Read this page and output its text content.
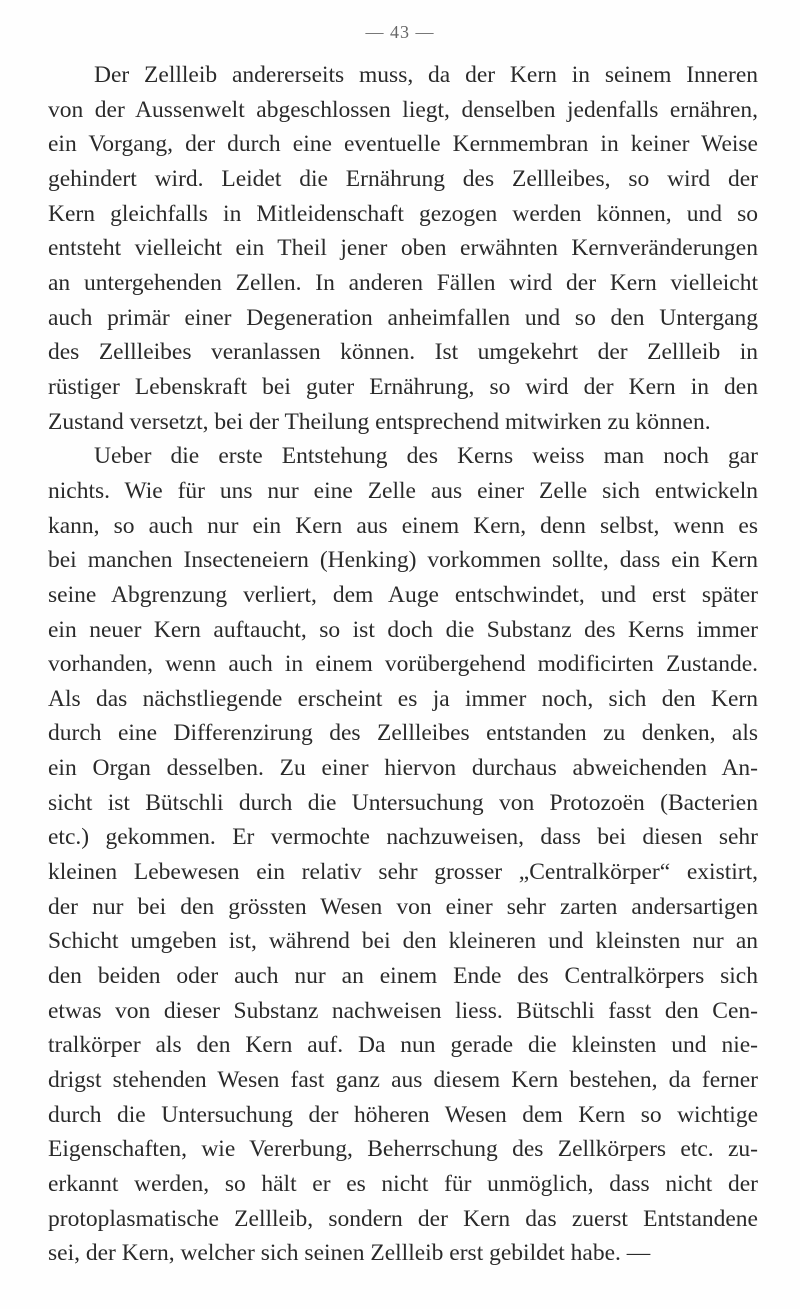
— 43 —
Der Zellleib andererseits muss, da der Kern in seinem Inneren
von der Aussenwelt abgeschlossen liegt, denselben jedenfalls ernähren,
ein Vorgang, der durch eine eventuelle Kernmembran in keiner Weise
gehindert wird. Leidet die Ernährung des Zellleibes, so wird der
Kern gleichfalls in Mitleidenschaft gezogen werden können, und so
entsteht vielleicht ein Theil jener oben erwähnten Kernveränderungen
an untergehenden Zellen. In anderen Fällen wird der Kern vielleicht
auch primär einer Degeneration anheimfallen und so den Untergang
des Zellleibes veranlassen können. Ist umgekehrt der Zellleib in
rüstiger Lebenskraft bei guter Ernährung, so wird der Kern in den
Zustand versetzt, bei der Theilung entsprechend mitwirken zu können.
Ueber die erste Entstehung des Kerns weiss man noch gar
nichts. Wie für uns nur eine Zelle aus einer Zelle sich entwickeln
kann, so auch nur ein Kern aus einem Kern, denn selbst, wenn es
bei manchen Insecteneiern (Henking) vorkommen sollte, dass ein Kern
seine Abgrenzung verliert, dem Auge entschwindet, und erst später
ein neuer Kern auftaucht, so ist doch die Substanz des Kerns immer
vorhanden, wenn auch in einem vorübergehend modificirten Zustande.
Als das nächstliegende erscheint es ja immer noch, sich den Kern
durch eine Differenzirung des Zellleibes entstanden zu denken, als
ein Organ desselben. Zu einer hiervon durchaus abweichenden An-
sicht ist Bütschli durch die Untersuchung von Protozoën (Bacterien
etc.) gekommen. Er vermochte nachzuweisen, dass bei diesen sehr
kleinen Lebewesen ein relativ sehr grosser „Centralkörper“ existirt,
der nur bei den grössten Wesen von einer sehr zarten andersartigen
Schicht umgeben ist, während bei den kleineren und kleinsten nur an
den beiden oder auch nur an einem Ende des Centralkörpers sich
etwas von dieser Substanz nachweisen liess. Bütschli fasst den Cen-
tralkörper als den Kern auf. Da nun gerade die kleinsten und nie-
drigst stehenden Wesen fast ganz aus diesem Kern bestehen, da ferner
durch die Untersuchung der höheren Wesen dem Kern so wichtige
Eigenschaften, wie Vererbung, Beherrschung des Zellkörpers etc. zu-
erkannt werden, so hält er es nicht für unmöglich, dass nicht der
protoplasmatische Zellleib, sondern der Kern das zuerst Entstandene
sei, der Kern, welcher sich seinen Zellleib erst gebildet habe. —
